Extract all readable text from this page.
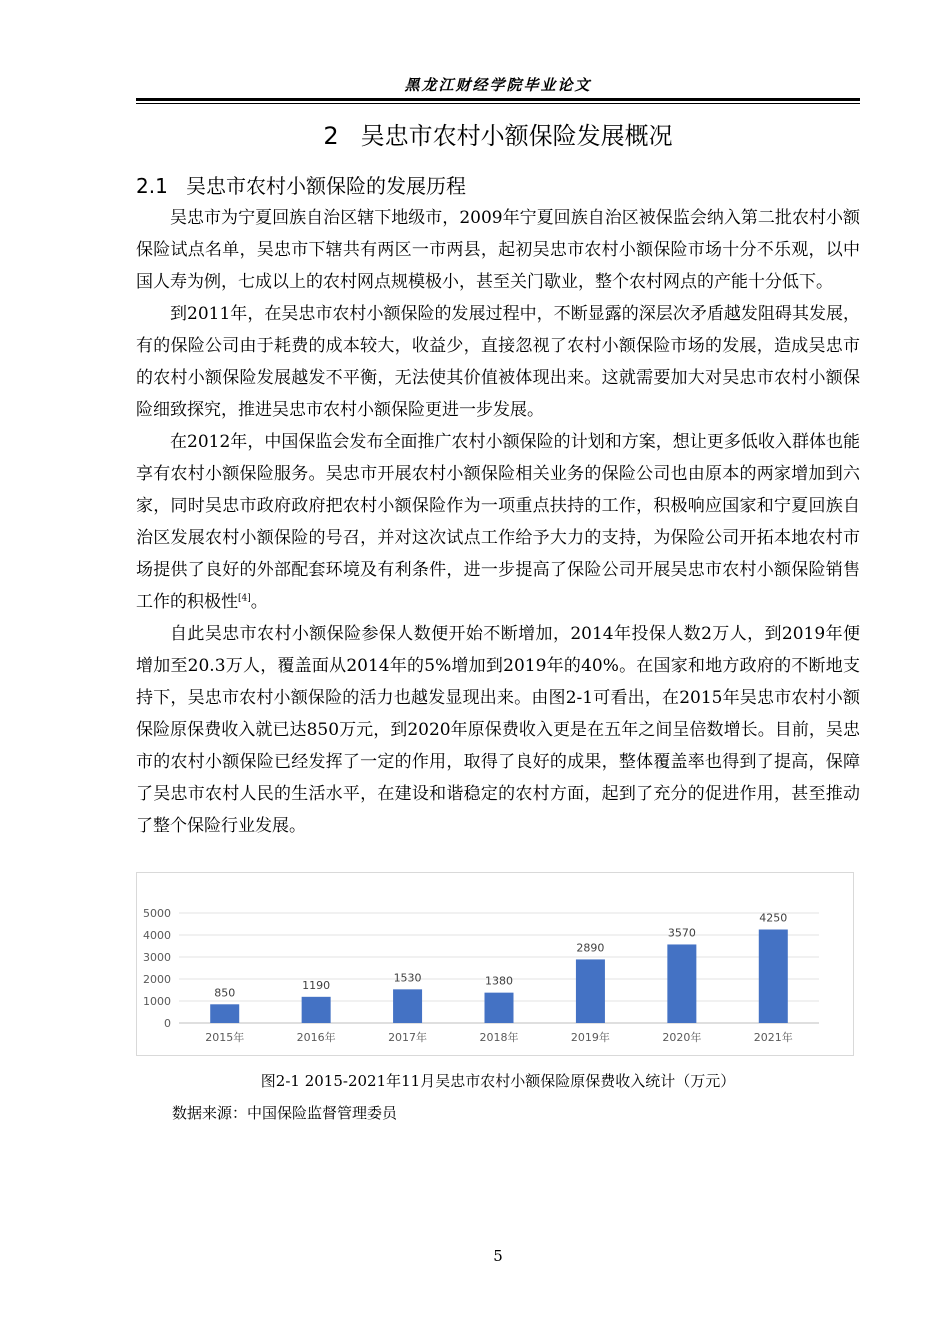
黑龙江财经学院毕业论文
2 吴忠市农村小额保险发展概况
2.1 吴忠市农村小额保险的发展历程

吴忠市为宁夏回族自治区辖下地级市，2009年宁夏回族自治区被保监会纳入第二批农村小额保险试点名单，吴忠市下辖共有两区一市两县，起初吴忠市农村小额保险市场十分不乐观，以中国人寿为例，七成以上的农村网点规模极小，甚至关门歇业，整个农村网点的产能十分低下。

到2011年，在吴忠市农村小额保险的发展过程中，不断显露的深层次矛盾越发阻碍其发展，有的保险公司由于耗费的成本较大，收益少，直接忽视了农村小额保险市场的发展，造成吴忠市的农村小额保险发展越发不平衡，无法使其价值被体现出来。这就需要加大对吴忠市农村小额保险细致探究，推进吴忠市农村小额保险更进一步发展。

在2012年，中国保监会发布全面推广农村小额保险的计划和方案，想让更多低收入群体也能享有农村小额保险服务。吴忠市开展农村小额保险相关业务的保险公司也由原本的两家增加到六家，同时吴忠市政府政府把农村小额保险作为一项重点扶持的工作，积极响应国家和宁夏回族自治区发展农村小额保险的号召，并对这次试点工作给予大力的支持，为保险公司开拓本地农村市场提供了良好的外部配套环境及有利条件，进一步提高了保险公司开展吴忠市农村小额保险销售工作的积极性[4]。

自此吴忠市农村小额保险参保人数便开始不断增加，2014年投保人数2万人，到2019年便增加至20.3万人，覆盖面从2014年的5%增加到2019年的40%。在国家和地方政府的不断地支持下，吴忠市农村小额保险的活力也越发显现出来。由图2-1可看出，在2015年吴忠市农村小额保险原保费收入就已达850万元，到2020年原保费收入更是在五年之间呈倍数增长。目前，吴忠市的农村小额保险已经发挥了一定的作用，取得了良好的成果，整体覆盖率也得到了提高，保障了吴忠市农村人民的生活水平，在建设和谐稳定的农村方面，起到了充分的促进作用，甚至推动了整个保险行业发展。

0
1000
2000
3000
4000
5000
850
2015年
1190
2016年
1530
2017年
1380
2018年
2890
2019年
3570
2020年
4250
2021年
图2-1 2015-2021年11月吴忠市农村小额保险原保费收入统计（万元）
数据来源：中国保险监督管理委员
5
